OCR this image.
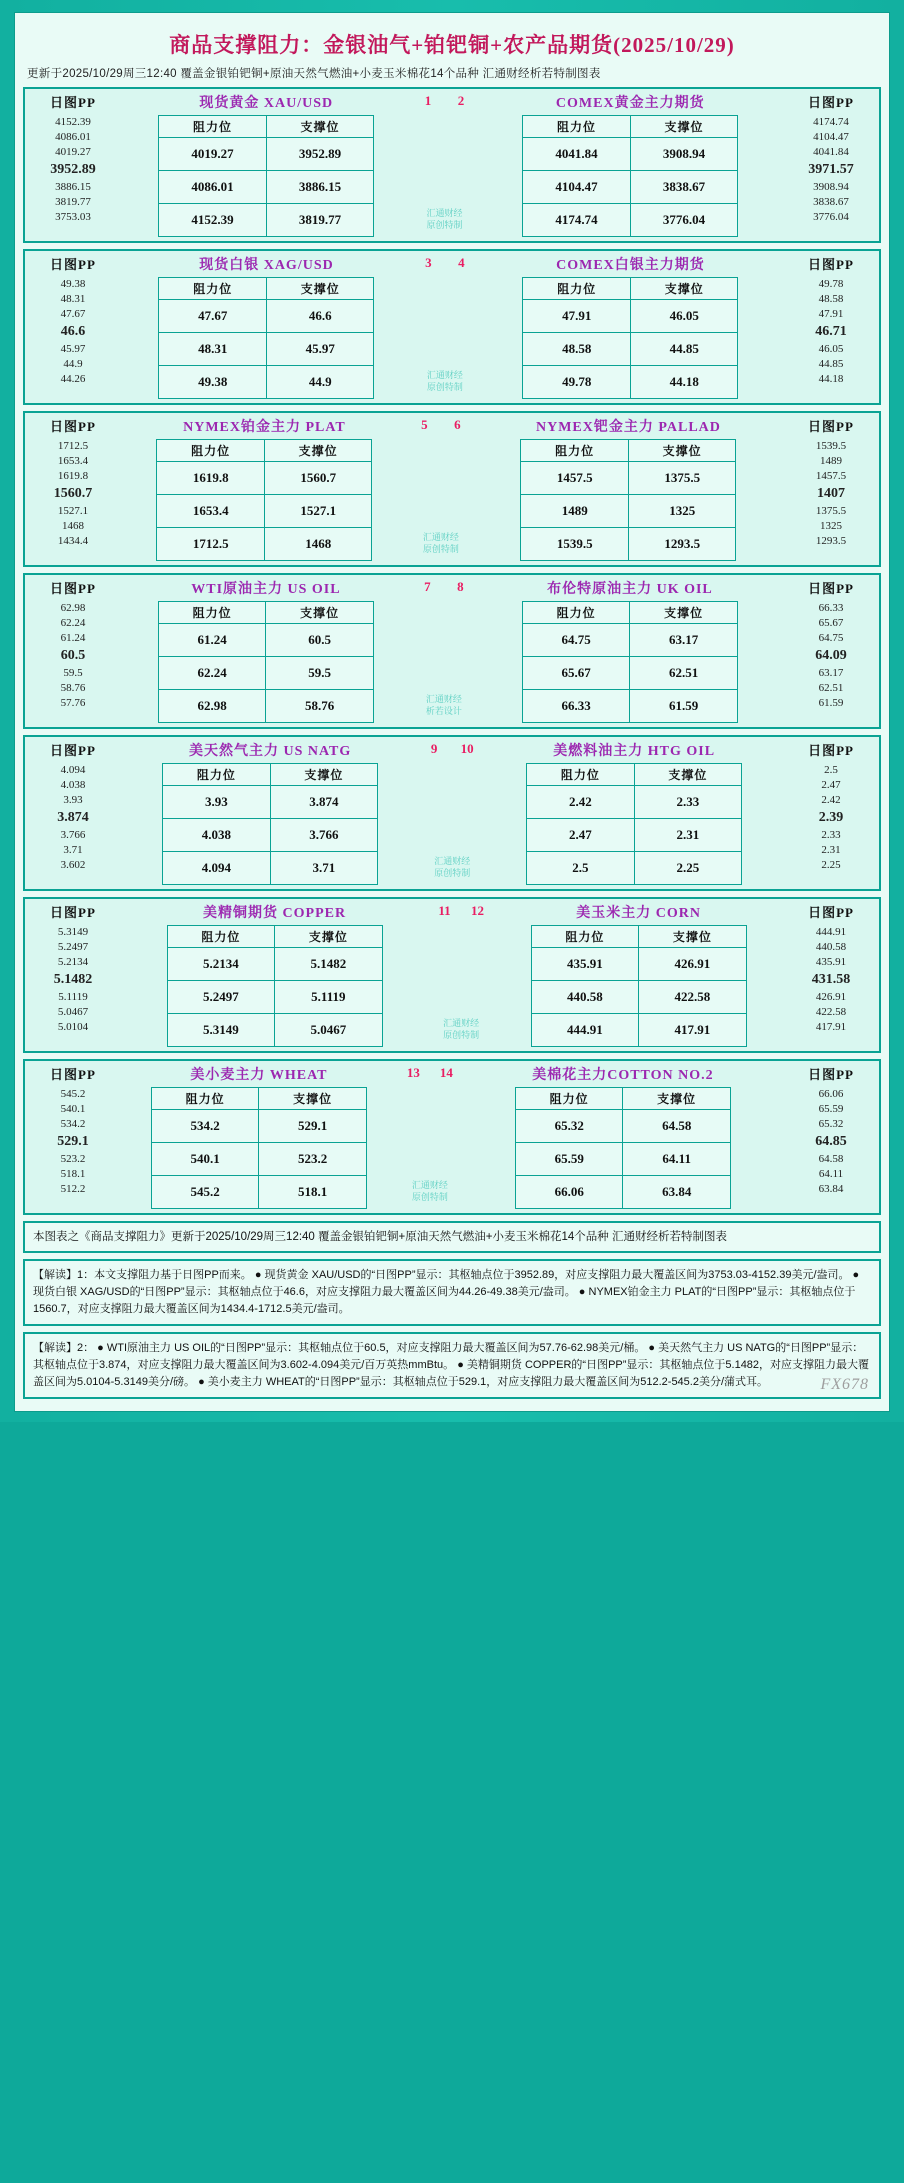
商品支撑阻力：金银油气+铂钯铜+农产品期货(2025/10/29)
更新于2025/10/29周三12:40 覆盖金银铂钯铜+原油天然气燃油+小麦玉米棉花14个品种 汇通财经析若特制图表
日图PP
4152.39
4086.01
4019.27
3952.89
3886.15
3819.77
3753.03
现货黄金 XAU/USD
阻力位	支撑位
4019.27	3952.89
4086.01	3886.15
4152.39	3819.77
1 2
汇通财经
原创特制
COMEX黄金主力期货
阻力位	支撑位
4041.84	3908.94
4104.47	3838.67
4174.74	3776.04
日图PP
4174.74
4104.47
4041.84
3971.57
3908.94
3838.67
3776.04
日图PP
49.38
48.31
47.67
46.6
45.97
44.9
44.26
现货白银 XAG/USD
阻力位	支撑位
47.67	46.6
48.31	45.97
49.38	44.9
3 4
汇通财经
原创特制
COMEX白银主力期货
阻力位	支撑位
47.91	46.05
48.58	44.85
49.78	44.18
日图PP
49.78
48.58
47.91
46.71
46.05
44.85
44.18
日图PP
1712.5
1653.4
1619.8
1560.7
1527.1
1468
1434.4
NYMEX铂金主力 PLAT
阻力位	支撑位
1619.8	1560.7
1653.4	1527.1
1712.5	1468
5 6
汇通财经
原创特制
NYMEX钯金主力 PALLAD
阻力位	支撑位
1457.5	1375.5
1489	1325
1539.5	1293.5
日图PP
1539.5
1489
1457.5
1407
1375.5
1325
1293.5
日图PP
62.98
62.24
61.24
60.5
59.5
58.76
57.76
WTI原油主力 US OIL
阻力位	支撑位
61.24	60.5
62.24	59.5
62.98	58.76
7 8
汇通财经
析若设计
布伦特原油主力 UK OIL
阻力位	支撑位
64.75	63.17
65.67	62.51
66.33	61.59
日图PP
66.33
65.67
64.75
64.09
63.17
62.51
61.59
日图PP
4.094
4.038
3.93
3.874
3.766
3.71
3.602
美天然气主力 US NATG
阻力位	支撑位
3.93	3.874
4.038	3.766
4.094	3.71
9 10
汇通财经
原创特制
美燃料油主力 HTG OIL
阻力位	支撑位
2.42	2.33
2.47	2.31
2.5	2.25
日图PP
2.5
2.47
2.42
2.39
2.33
2.31
2.25
日图PP
5.3149
5.2497
5.2134
5.1482
5.1119
5.0467
5.0104
美精铜期货 COPPER
阻力位	支撑位
5.2134	5.1482
5.2497	5.1119
5.3149	5.0467
11 12
汇通财经
原创特制
美玉米主力 CORN
阻力位	支撑位
435.91	426.91
440.58	422.58
444.91	417.91
日图PP
444.91
440.58
435.91
431.58
426.91
422.58
417.91
日图PP
545.2
540.1
534.2
529.1
523.2
518.1
512.2
美小麦主力 WHEAT
阻力位	支撑位
534.2	529.1
540.1	523.2
545.2	518.1
13 14
汇通财经
原创特制
美棉花主力COTTON NO.2
阻力位	支撑位
65.32	64.58
65.59	64.11
66.06	63.84
日图PP
66.06
65.59
65.32
64.85
64.58
64.11
63.84
本图表之《商品支撑阻力》更新于2025/10/29周三12:40 覆盖金银铂钯铜+原油天然气燃油+小麦玉米棉花14个品种 汇通财经析若特制图表
【解读】1：本文支撑阻力基于日图PP而来。 ● 现货黄金 XAU/USD的“日图PP”显示：其枢轴点位于3952.89，对应支撑阻力最大覆盖区间为3753.03-4152.39美元/盎司。 ● 现货白银 XAG/USD的“日图PP”显示：其枢轴点位于46.6，对应支撑阻力最大覆盖区间为44.26-49.38美元/盎司。 ● NYMEX铂金主力 PLAT的“日图PP”显示：其枢轴点位于1560.7，对应支撑阻力最大覆盖区间为1434.4-1712.5美元/盎司。
【解读】2： ● WTI原油主力 US OIL的“日图PP”显示：其枢轴点位于60.5，对应支撑阻力最大覆盖区间为57.76-62.98美元/桶。 ● 美天然气主力 US NATG的“日图PP”显示：其枢轴点位于3.874，对应支撑阻力最大覆盖区间为3.602-4.094美元/百万英热mmBtu。 ● 美精铜期货 COPPER的“日图PP”显示：其枢轴点位于5.1482，对应支撑阻力最大覆盖区间为5.0104-5.3149美分/磅。 ● 美小麦主力 WHEAT的“日图PP”显示：其枢轴点位于529.1，对应支撑阻力最大覆盖区间为512.2-545.2美分/蒲式耳。	FX678
